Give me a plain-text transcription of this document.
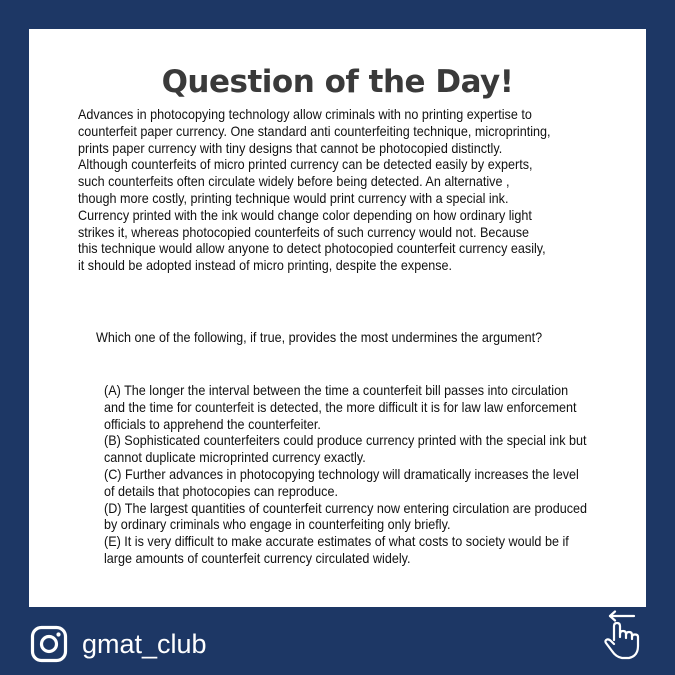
Question of the Day!

Advances in photocopying technology allow criminals with no printing expertise to counterfeit paper currency. One standard anti counterfeiting technique, microprinting, prints paper currency with tiny designs that cannot be photocopied distinctly. Although counterfeits of micro printed currency can be detected easily by experts, such counterfeits often circulate widely before being detected. An alternative , though more costly, printing technique would print currency with a special ink. Currency printed with the ink would change color depending on how ordinary light strikes it, whereas photocopied counterfeits of such currency would not. Because this technique would allow anyone to detect photocopied counterfeit currency easily, it should be adopted instead of micro printing, despite the expense.

Which one of the following, if true, provides the most undermines the argument?

(A) The longer the interval between the time a counterfeit bill passes into circulation and the time for counterfeit is detected, the more difficult it is for law law enforcement officials to apprehend the counterfeiter.
(B) Sophisticated counterfeiters could produce currency printed with the special ink but cannot duplicate microprinted currency exactly.
(C) Further advances in photocopying technology will dramatically increases the level of details that photocopies can reproduce.
(D) The largest quantities of counterfeit currency now entering circulation are produced by ordinary criminals who engage in counterfeiting only briefly.
(E) It is very difficult to make accurate estimates of what costs to society would be if large amounts of counterfeit currency circulated widely.
gmat_club
